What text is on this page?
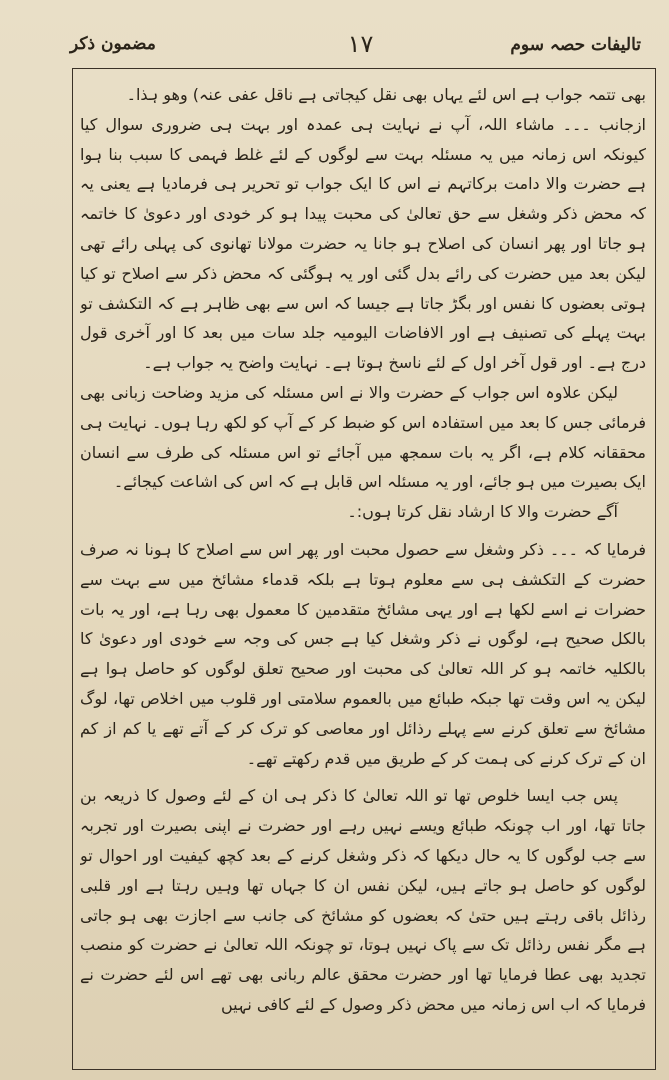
تالیفات حصہ سوم
۱۷
مضمون ذکر

بھی تتمہ جواب ہے اس لئے یہاں بھی نقل کیجاتی ہے ناقل عفی عنہ) وھو ہذا۔

ازجانب ۔۔۔ ماشاء اللہ، آپ نے نہایت ہی عمدہ اور بہت ہی ضروری سوال کیا کیونکہ اس زمانہ میں یہ مسئلہ بہت سے لوگوں کے لئے غلط فہمی کا سبب بنا ہوا ہے حضرت والا دامت برکاتہم نے اس کا ایک جواب تو تحریر ہی فرمادیا ہے یعنی یہ کہ محض ذکر وشغل سے حق تعالیٰ کی محبت پیدا ہو کر خودی اور دعویٰ کا خاتمہ ہو جاتا اور پھر انسان کی اصلاح ہو جانا یہ حضرت مولانا تھانوی کی پہلی رائے تھی لیکن بعد میں حضرت کی رائے بدل گئی اور یہ ہوگئی کہ محض ذکر سے اصلاح تو کیا ہوتی بعضوں کا نفس اور بگڑ جاتا ہے جیسا کہ اس سے بھی ظاہر ہے کہ التکشف تو بہت پہلے کی تصنیف ہے اور الافاضات الیومیہ جلد سات میں بعد کا اور آخری قول درج ہے۔ اور قول آخر اول کے لئے ناسخ ہوتا ہے۔ نہایت واضح یہ جواب ہے۔

لیکن علاوہ اس جواب کے حضرت والا نے اس مسئلہ کی مزید وضاحت زبانی بھی فرمائی جس کا بعد میں استفادہ اس کو ضبط کر کے آپ کو لکھ رہا ہوں۔ نہایت ہی محققانہ کلام ہے، اگر یہ بات سمجھ میں آجائے تو اس مسئلہ کی طرف سے انسان ایک بصیرت میں ہو جائے، اور یہ مسئلہ اس قابل ہے کہ اس کی اشاعت کیجائے۔

آگے حضرت والا کا ارشاد نقل کرتا ہوں:۔

فرمایا کہ ۔۔۔ ذکر وشغل سے حصول محبت اور پھر اس سے اصلاح کا ہونا نہ صرف حضرت کے التکشف ہی سے معلوم ہوتا ہے بلکہ قدماء مشائخ میں سے بہت سے حضرات نے اسے لکھا ہے اور یہی مشائخ متقدمین کا معمول بھی رہا ہے، اور یہ بات بالکل صحیح ہے، لوگوں نے ذکر وشغل کیا ہے جس کی وجہ سے خودی اور دعویٰ کا بالکلیہ خاتمہ ہو کر اللہ تعالیٰ کی محبت اور صحیح تعلق لوگوں کو حاصل ہوا ہے لیکن یہ اس وقت تھا جبکہ طبائع میں بالعموم سلامتی اور قلوب میں اخلاص تھا، لوگ مشائخ سے تعلق کرنے سے پہلے رذائل اور معاصی کو ترک کر کے آتے تھے یا کم از کم ان کے ترک کرنے کی ہمت کر کے طریق میں قدم رکھتے تھے۔

پس جب ایسا خلوص تھا تو اللہ تعالیٰ کا ذکر ہی ان کے لئے وصول کا ذریعہ بن جاتا تھا، اور اب چونکہ طبائع ویسے نہیں رہے اور حضرت نے اپنی بصیرت اور تجربہ سے جب لوگوں کا یہ حال دیکھا کہ ذکر وشغل کرنے کے بعد کچھ کیفیت اور احوال تو لوگوں کو حاصل ہو جاتے ہیں، لیکن نفس ان کا جہاں تھا وہیں رہتا ہے اور قلبی رذائل باقی رہتے ہیں حتیٰ کہ بعضوں کو مشائخ کی جانب سے اجازت بھی ہو جاتی ہے مگر نفس رذائل تک سے پاک نہیں ہوتا، تو چونکہ اللہ تعالیٰ نے حضرت کو منصب تجدید بھی عطا فرمایا تھا اور حضرت محقق عالم ربانی بھی تھے اس لئے حضرت نے فرمایا کہ اب اس زمانہ میں محض ذکر وصول کے لئے کافی نہیں
